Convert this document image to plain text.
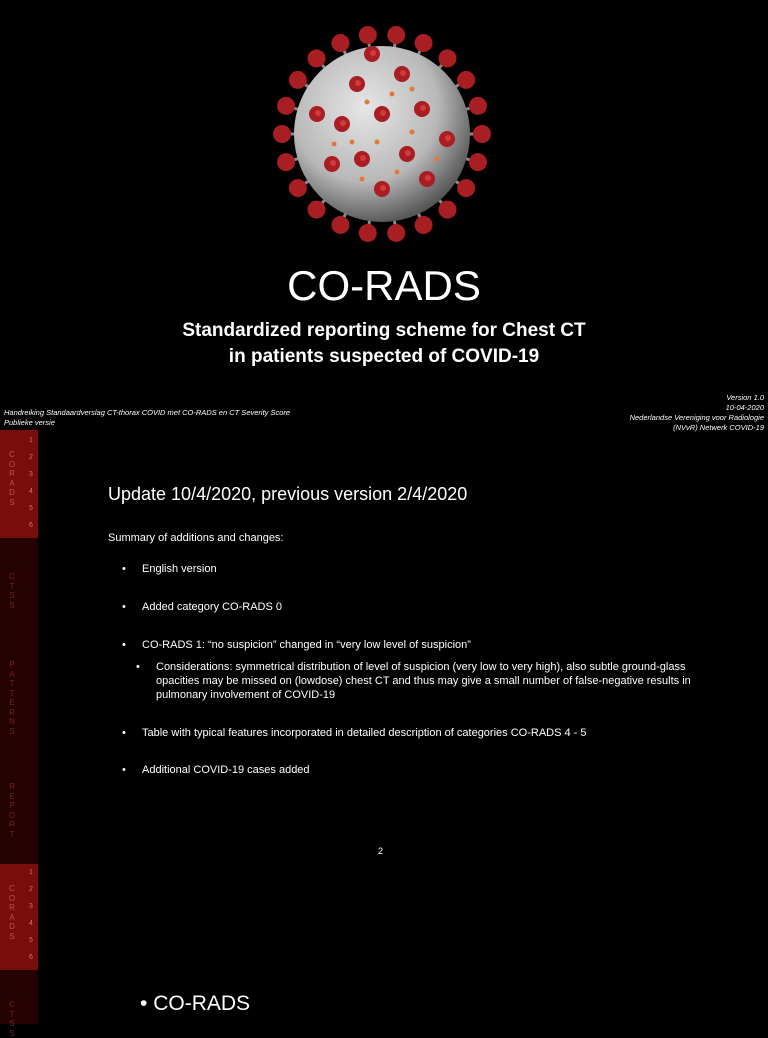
CO-RADS
Standardized reporting scheme for Chest CT
in patients suspected of COVID-19
Handreiking Standaardverslag CT-thorax COVID met CO-RADS en CT Severity Score
Publieke versie
Version 1.0
10-04-2020
Nederlandse Vereniging voor Radiologie
(NVvR) Netwerk COVID-19
CORADS
1
2
3
4
5
6
CTSS
PATTERNS
REPORT
CORADS
1
2
3
4
5
6
CTSS
Update 10/4/2020, previous version 2/4/2020
Summary of additions and changes:
• English version
• Added category CO-RADS 0
• CO-RADS 1: “no suspicion” changed in “very low level of suspicion”
• Considerations: symmetrical distribution of level of suspicion (very low to very high), also subtle ground-glass opacities may be missed on (lowdose) chest CT and thus may give a small number of false-negative results in pulmonary involvement of COVID-19
• Table with typical features incorporated in detailed description of categories CO-RADS 4 - 5
• Additional COVID-19 cases added
2
• CO-RADS
